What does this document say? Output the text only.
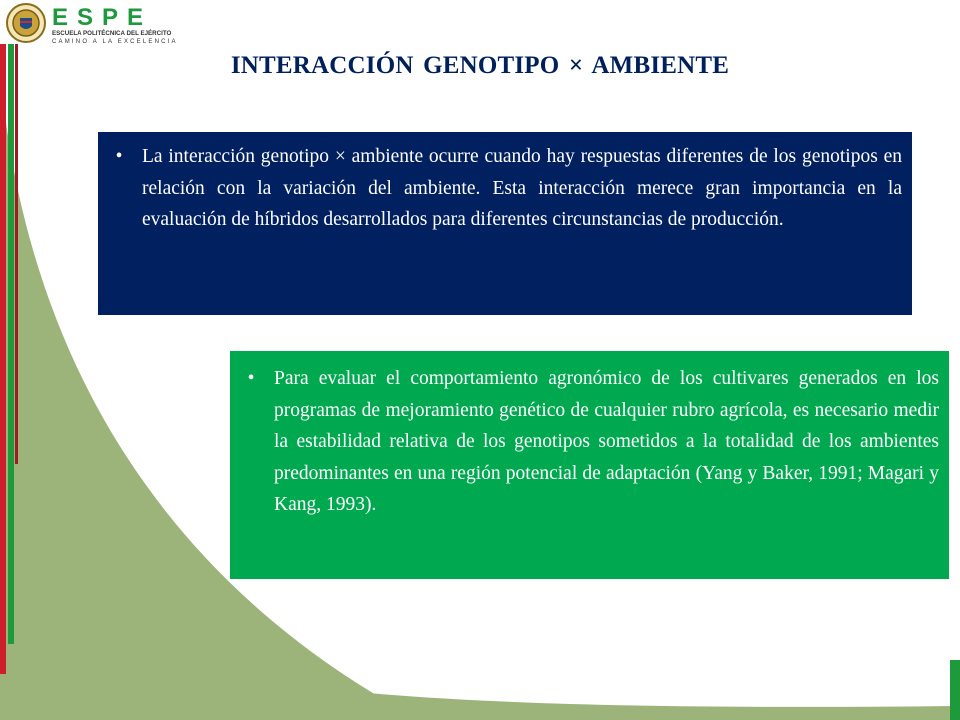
ESPE
ESCUELA POLITÉCNICA DEL EJÉRCITO
CAMINO A LA EXCELENCIA
INTERACCIÓN GENOTIPO × AMBIENTE

• La interacción genotipo × ambiente ocurre cuando hay respuestas diferentes de los genotipos en relación con la variación del ambiente. Esta interacción merece gran importancia en la evaluación de híbridos desarrollados para diferentes circunstancias de producción.

• Para evaluar el comportamiento agronómico de los cultivares generados en los programas de mejoramiento genético de cualquier rubro agrícola, es necesario medir la estabilidad relativa de los genotipos sometidos a la totalidad de los ambientes predominantes en una región potencial de adaptación (Yang y Baker, 1991; Magari y Kang, 1993).
